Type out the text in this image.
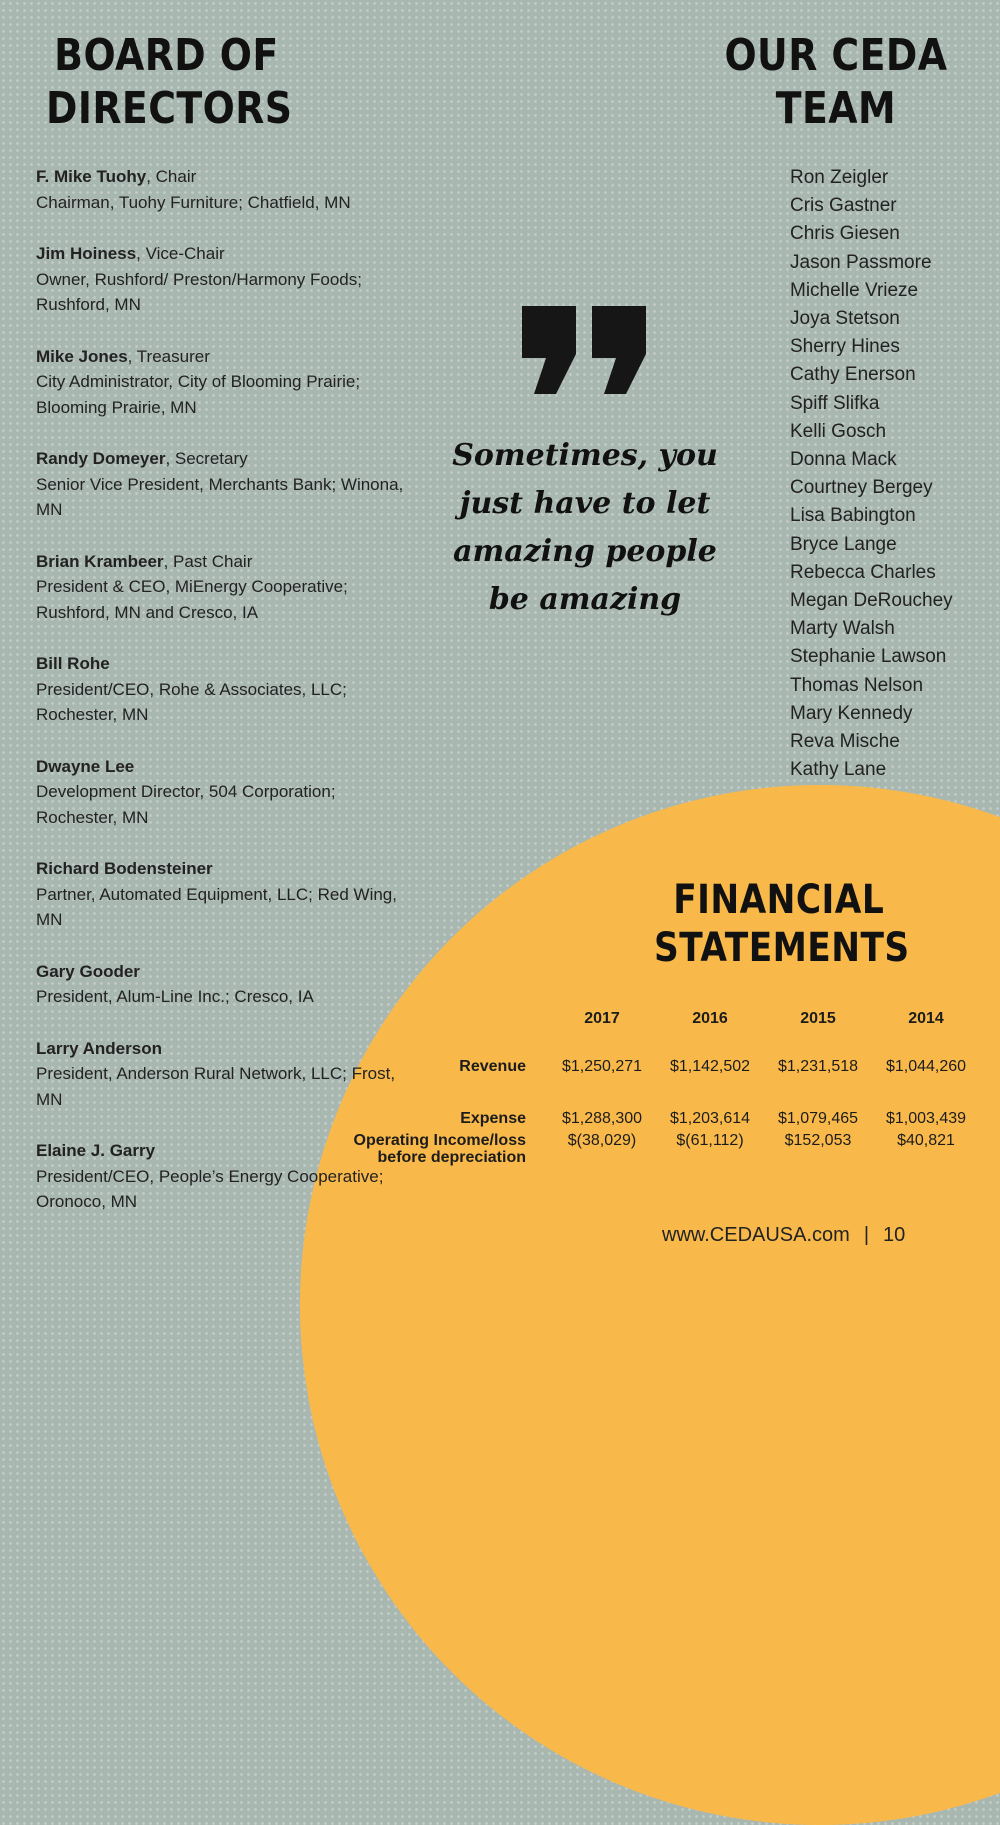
BOARD OF DIRECTORS
OUR CEDA TEAM
F. Mike Tuohy, Chair
Chairman, Tuohy Furniture; Chatfield, MN
Jim Hoiness, Vice-Chair
Owner, Rushford/ Preston/Harmony Foods; Rushford, MN
Mike Jones, Treasurer
City Administrator, City of Blooming Prairie; Blooming Prairie, MN
Randy Domeyer, Secretary
Senior Vice President, Merchants Bank; Winona, MN
Brian Krambeer, Past Chair
President & CEO, MiEnergy Cooperative; Rushford, MN and Cresco, IA
Bill Rohe
President/CEO, Rohe & Associates, LLC; Rochester, MN
Dwayne Lee
Development Director, 504 Corporation; Rochester, MN
Richard Bodensteiner
Partner, Automated Equipment, LLC; Red Wing, MN
Gary Gooder
President, Alum-Line Inc.; Cresco, IA
Larry Anderson
President, Anderson Rural Network, LLC; Frost, MN
Elaine J. Garry
President/CEO, People’s Energy Cooperative; Oronoco, MN
Ron Zeigler
Cris Gastner
Chris Giesen
Jason Passmore
Michelle Vrieze
Joya Stetson
Sherry Hines
Cathy Enerson
Spiff Slifka
Kelli Gosch
Donna Mack
Courtney Bergey
Lisa Babington
Bryce Lange
Rebecca Charles
Megan DeRouchey
Marty Walsh
Stephanie Lawson
Thomas Nelson
Mary Kennedy
Reva Mische
Kathy Lane
Sometimes, you just have to let amazing people be amazing
FINANCIAL STATEMENTS
	2017	2016	2015	2014
Revenue	$1,250,271	$1,142,502	$1,231,518	$1,044,260
Expense	$1,288,300	$1,203,614	$1,079,465	$1,003,439
Operating Income/loss before depreciation	$(38,029)	$(61,112)	$152,053	$40,821
www.CEDAUSA.com | 10
